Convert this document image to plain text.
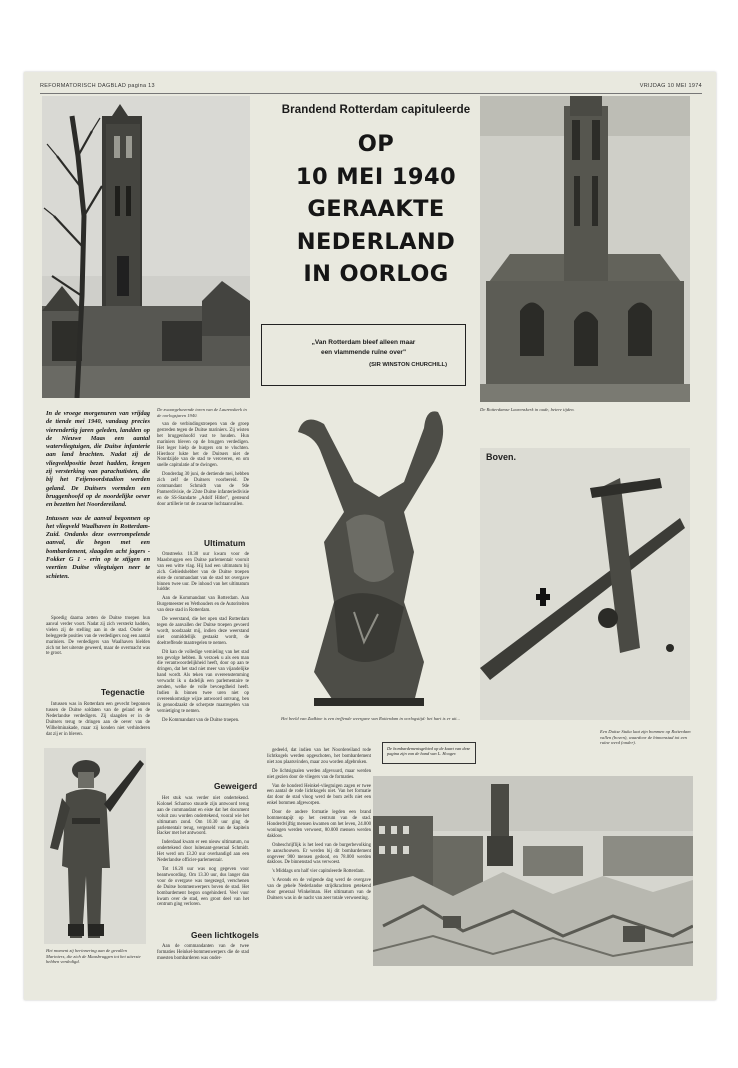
REFORMATORISCH DAGBLAD pagina 13	VRIJDAG 10 MEI 1974
Brandend Rotterdam capituleerde
OP
10 MEI 1940
GERAAKTE
NEDERLAND
IN OORLOG
„Van Rotterdam bleef alleen maar
een vlammende ruïne over"
(SIR WINSTON CHURCHILL)
De Rotterdamse Laurenskerk in oude, betere tijden.
De zwaargehavende toren van de Laurenskerk in de oorlogsjaren 1940.

In de vroege morgenuren van vrijdag de tiende mei 1940, vandaag precies vierendertig jaren geleden, landden op de Nieuwe Maas een aantal watervliegtuigen, die Duitse infanterie aan land brachten. Nadat zij de vliegveldpositie bezet hadden, kregen zij versterking van parachutisten, die bij het Feijenoordstadion werden geland. De Duitsers vormden een bruggenhoofd op de noordelijke oever en bezetten het Noordereiland.

Intussen was de aanval begonnen op het vliegveld Waalhaven in Rotterdam-Zuid. Ondanks deze overrompelende aanval, die begon met een bombardement, slaagden acht jagers - Fokker G 1 - erin op te stijgen en veertien Duitse vliegtuigen neer te schieten.

Spoedig daarna zetten de Duitse troepen hun aanval verder voort. Nadat zij zich versterkt hadden, vielen zij de stelling aan in de stad. Onder de beleggerde posities van de verdedigers nog een aantal mariniers. De verdedigers van Waalhaven hielden zich tot het uiterste geweerd, maar de overmacht was te groot.

Tegenactie

Intussen was in Rotterdam een gevecht begonnen tussen de Duitse soldaten van de geland en de Nederlandse verdedigers. Zij slaagden er in de Duitsers terug te dringen aan de oever van de Wilhelminakade, maar zij konden niet verhinderen dat zij er in bleven.

Het moment zij herinnering aan de gevallen Mariniers, die zich de Maasbruggen tot het uiterste hebben verdedigd.

van de verbindingstroepen van de groep gestreden tegen de Duitse mariniers. Zij wisten het bruggenhoofd vast te houden. Hun mariniers bleven op de bruggen verdedigen. Het leger hielp de burgers om te vluchten. Hierdoor lukte het de Duitsers niet de Noordzijde van de stad te veroveren, en om snelle capitulatie af te dwingen.

Donderdag 30 juni, de dertiende mei, hebben zich zelf de Duitsers voorbereid. De commandant Schmidt van de 9de Pantserdivisie, de 22ste Duitse infanteriedivisie en de SS-Standarte „Adolf Hitler", gesteund door artillerie tot de zwaarste luchtaanvallen.

Ultimatum

Omstreeks 10.30 uur kwam voor de Maasbruggen een Duitse parlementair vooruit van een witte vlag. Hij had een ultimatum bij zich. Gebiedshebber van de Duitse troepen eiste de commandant van de stad tot overgave binnen twee uur. De inhoud van het ultimatum luidde:

Aan de Kommandant van Rotterdam. Aan Burgemeester en Wethouders en de Autoriteiten van deze stad in Rotterdam.

De weerstand, die het open stad Rotterdam tegen de aanvallen der Duitse troepen gevoerd wordt, noodzaakt mij, indien deze weerstand niet onmiddellijk gestaakt wordt, de doeltreffende maatregelen te nemen.

Dit kan de volledige vernieling van het stad ten gevolge hebben. Ik verzoek u als een man die verantwoordelijkheid heeft, door op aan te dringen, dat het stad niet meer van vijandelijke hand wordt. Als teken van overeenstemming verwacht ik u dadelijk een parlementaire te zenden, welke de volle bevoegdheid heeft. Indien ik binnen twee uren niet op overeenkomstige wijze antwoord ontvang, ben ik genoodzaakt de scherpste maatregelen van vernietiging te nemen.

De Kommandant van de Duitse troepen.

Geweigerd

Het stuk was verder niet ondertekend. Kolonel Scharroo stuurde zijn antwoord terug aan de commandant en eiste dat het document voluit zou worden ondertekend, vooral wie het ultimatum zond. Om 10.30 uur ging de parlementair terug, vergezeld van de kapitein Backer met het antwoord.

Inderdaad kwam er een nieuw ultimatum, nu ondertekend door luitenant-generaal Schmidt. Het werd om 13.20 uur overhandigd aan een Nederlandse officier-parlementair.

Tot 16.20 uur was nog gegeven voor beantwoording. Om 13.30 uur, dus langer dan voor de overgave was toegezegd, verschenen de Duitse bommenwerpers boven de stad. Het bombardement begon ongehinderd. Veel vuur kwam over de stad, een groot deel van het centrum ging verloren.

Geen lichtkogels

Aan de commandanten van de twee formaties Heinkel-bommenwerpers die de stad moesten bombarderen was onder-

Het beeld van Zadkine is een treffende weergave van Rotterdam in oorlogstijd: het hart is er uit...
Boven.
Een Duitse Stuka laat zijn bommen op Rotterdam vallen (boven), waardoor de binnenstad tot een ruïne werd (onder).
De bombardementsgebied op de kaart van deze pagina zijn van de hand van L. Hooger.

gedeeld, dat indien van het Noordereiland rode lichtkogels werden opgeschoten, het bombardement niet zou plaatsvinden, maar zou worden afgebroken.

De lichtsignalen werden afgevuurd, maar werden niet gezien door de vliegers van de formaties.

Van de honderd Heinkel-vliegtuigen zagen er twee een aantal de rode lichtkogels niet. Van het formatie dat door de stad vloog werd de bom zelfs niet een enkel bommen afgeworpen.

Door de andere formatie legden een brand bommentapijt op het centrum van de stad. Honderdvijftig mensen kwamen om het leven, 24.000 woningen werden verwoest, 80.000 mensen werden dakloos.

Onbeschrijflijk is het leed van de burgerbevolking te aanschouwen. Er werden bij dit bombardement ongeveer 900 mensen gedood, en 78.000 werden dakloos. De binnenstad was verwoest.

's Middags om half vier capituleerde Rotterdam.

's Avonds en de volgende dag werd de overgave van de gehele Nederlandse strijdkrachten getekend door generaal Winkelman. Het ultimatum van de Duitsers was in de nacht van zeer totale verwoesting.
